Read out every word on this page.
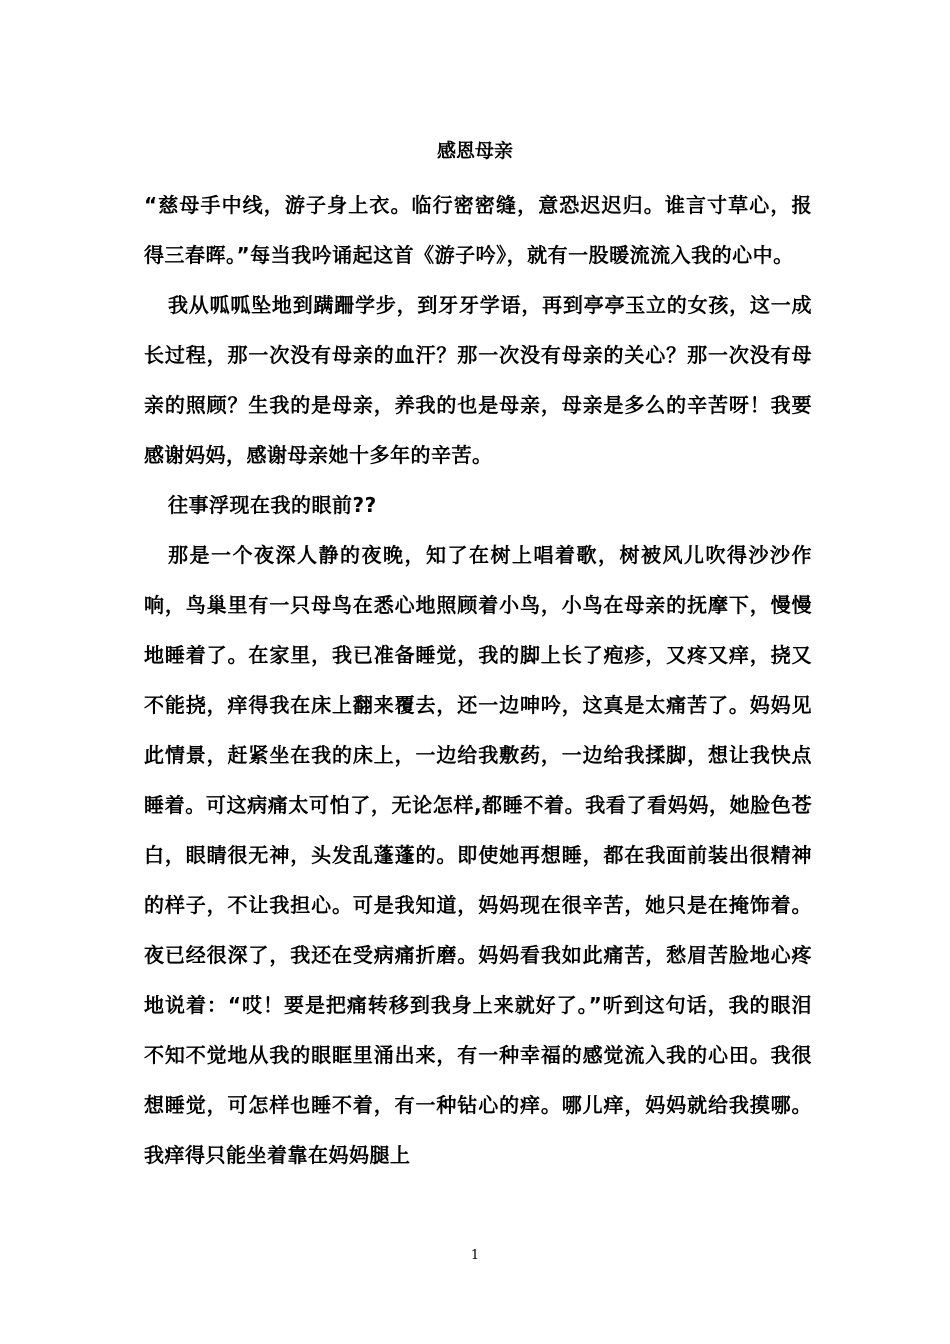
感恩母亲

“慈母手中线，游子身上衣。临行密密缝，意恐迟迟归。谁言寸草心，报得三春晖。”每当我吟诵起这首《游子吟》，就有一股暖流流入我的心中。

我从呱呱坠地到蹒跚学步，到牙牙学语，再到亭亭玉立的女孩，这一成长过程，那一次没有母亲的血汗？那一次没有母亲的关心？那一次没有母亲的照顾？生我的是母亲，养我的也是母亲，母亲是多么的辛苦呀！我要感谢妈妈，感谢母亲她十多年的辛苦。

往事浮现在我的眼前??

那是一个夜深人静的夜晚，知了在树上唱着歌，树被风儿吹得沙沙作响，鸟巢里有一只母鸟在悉心地照顾着小鸟，小鸟在母亲的抚摩下，慢慢地睡着了。在家里，我已准备睡觉，我的脚上长了疱疹，又疼又痒，挠又不能挠，痒得我在床上翻来覆去，还一边呻吟，这真是太痛苦了。妈妈见此情景，赶紧坐在我的床上，一边给我敷药，一边给我揉脚，想让我快点睡着。可这病痛太可怕了，无论怎样,都睡不着。我看了看妈妈，她脸色苍白，眼睛很无神，头发乱蓬蓬的。即使她再想睡，都在我面前装出很精神的样子，不让我担心。可是我知道，妈妈现在很辛苦，她只是在掩饰着。夜已经很深了，我还在受病痛折磨。妈妈看我如此痛苦，愁眉苦脸地心疼地说着：“哎！要是把痛转移到我身上来就好了。”听到这句话，我的眼泪不知不觉地从我的眼眶里涌出来，有一种幸福的感觉流入我的心田。我很想睡觉，可怎样也睡不着，有一种钻心的痒。哪儿痒，妈妈就给我摸哪。我痒得只能坐着靠在妈妈腿上

1
